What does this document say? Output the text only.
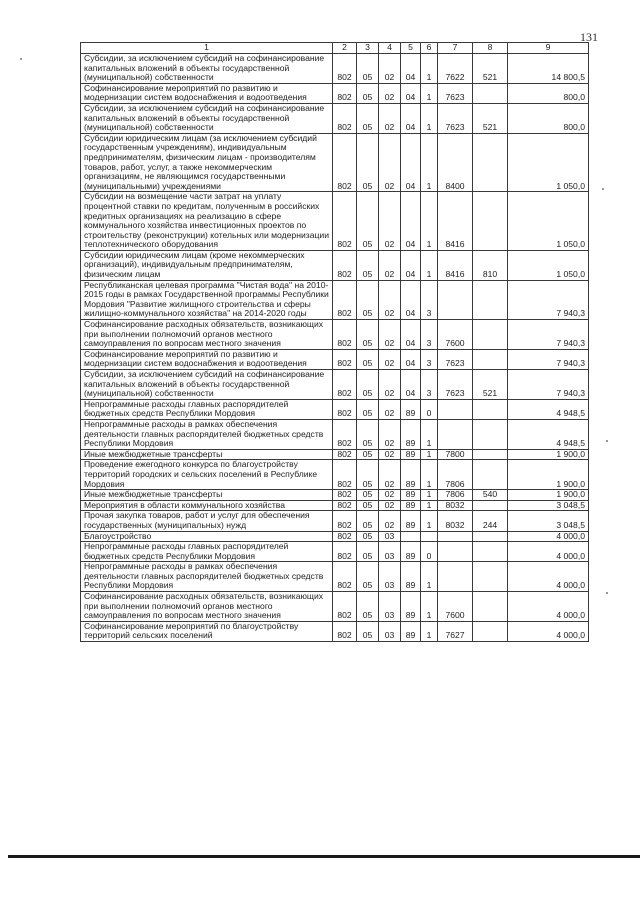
131
1	2	3	4	5	6	7	8	9
Субсидии, за исключением субсидий на софинансирование капитальных вложений в объекты государственной (муниципальной) собственности	802	05	02	04	1	7622	521	14 800,5
Софинансирование мероприятий по развитию и модернизации систем водоснабжения и водоотведения	802	05	02	04	1	7623		800,0
Субсидии, за исключением субсидий на софинансирование капитальных вложений в объекты государственной (муниципальной) собственности	802	05	02	04	1	7623	521	800,0
Субсидии юридическим лицам (за исключением субсидий государственным учреждениям), индивидуальным предпринимателям, физическим лицам - производителям товаров, работ, услуг, а также некоммерческим организациям, не являющимся государственными (муниципальными) учреждениями	802	05	02	04	1	8400		1 050,0
Субсидии на возмещение части затрат на уплату процентной ставки по кредитам, полученным в российских кредитных организациях на реализацию в сфере коммунального хозяйства инвестиционных проектов по строительству (реконструкции) котельных или модернизации теплотехнического оборудования	802	05	02	04	1	8416		1 050,0
Субсидии юридическим лицам (кроме некоммерческих организаций), индивидуальным предпринимателям, физическим лицам	802	05	02	04	1	8416	810	1 050,0
Республиканская целевая программа "Чистая вода" на 2010-2015 годы в рамках Государственной программы Республики Мордовия "Развитие жилищного строительства и сферы жилищно-коммунального хозяйства" на 2014-2020 годы	802	05	02	04	3			7 940,3
Софинансирование расходных обязательств, возникающих при выполнении полномочий органов местного самоуправления по вопросам местного значения	802	05	02	04	3	7600		7 940,3
Софинансирование мероприятий по развитию и модернизации систем водоснабжения и водоотведения	802	05	02	04	3	7623		7 940,3
Субсидии, за исключением субсидий на софинансирование капитальных вложений в объекты государственной (муниципальной) собственности	802	05	02	04	3	7623	521	7 940,3
Непрограммные расходы главных распорядителей бюджетных средств Республики Мордовия	802	05	02	89	0			4 948,5
Непрограммные расходы в рамках обеспечения деятельности главных распорядителей бюджетных средств Республики Мордовия	802	05	02	89	1			4 948,5
Иные межбюджетные трансферты	802	05	02	89	1	7800		1 900,0
Проведение ежегодного конкурса по благоустройству территорий городских и сельских поселений в Республике Мордовия	802	05	02	89	1	7806		1 900,0
Иные межбюджетные трансферты	802	05	02	89	1	7806	540	1 900,0
Мероприятия в области коммунального хозяйства	802	05	02	89	1	8032		3 048,5
Прочая закупка товаров, работ и услуг для обеспечения государственных (муниципальных) нужд	802	05	02	89	1	8032	244	3 048,5
Благоустройство	802	05	03					4 000,0
Непрограммные расходы главных распорядителей бюджетных средств Республики Мордовия	802	05	03	89	0			4 000,0
Непрограммные расходы в рамках обеспечения деятельности главных распорядителей бюджетных средств Республики Мордовия	802	05	03	89	1			4 000,0
Софинансирование расходных обязательств, возникающих при выполнении полномочий органов местного самоуправления по вопросам местного значения	802	05	03	89	1	7600		4 000,0
Софинансирование мероприятий по благоустройству территорий сельских поселений	802	05	03	89	1	7627		4 000,0
